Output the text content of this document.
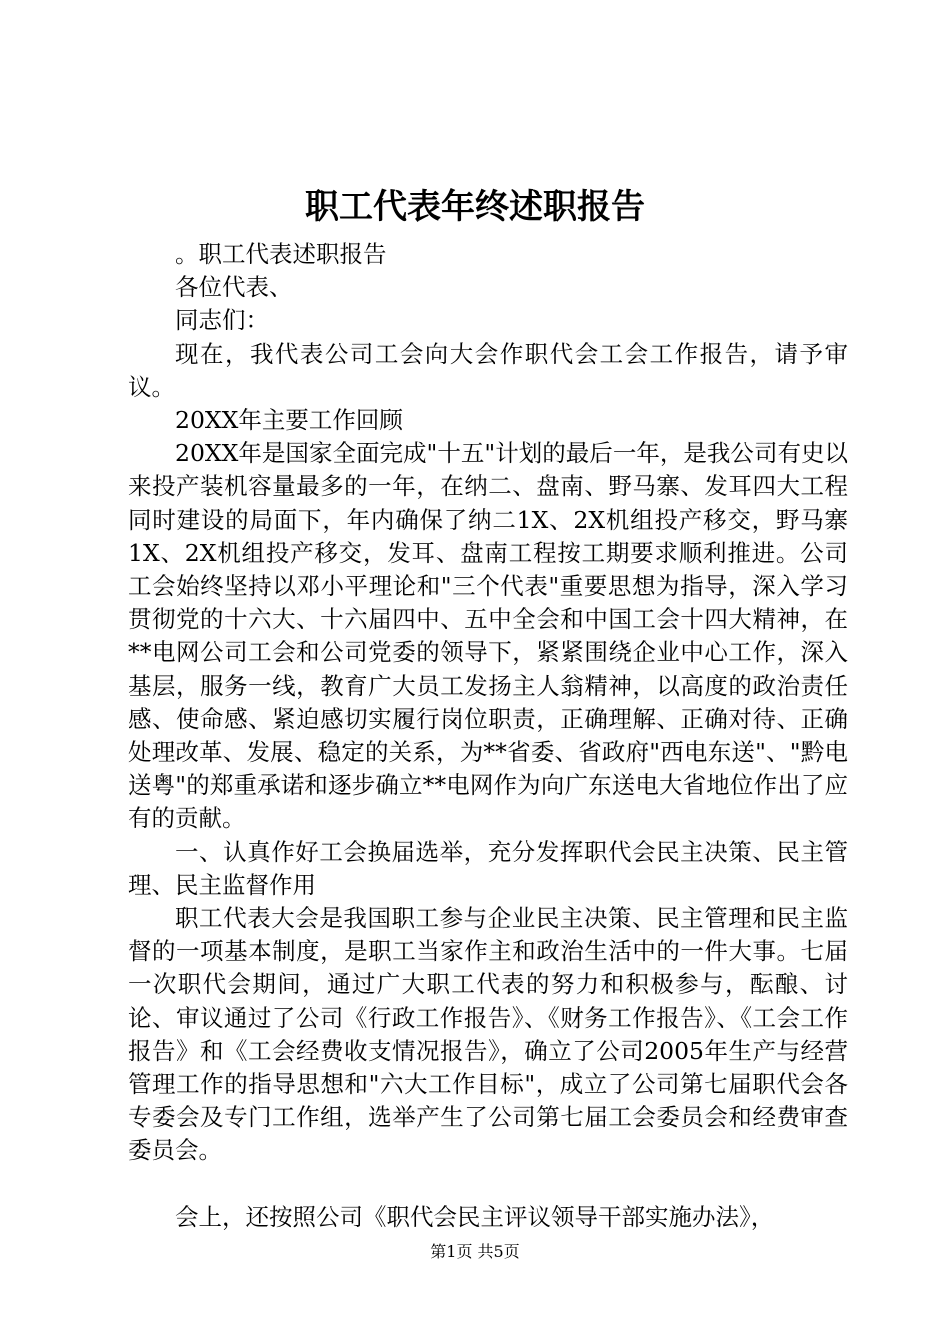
职工代表年终述职报告

。职工代表述职报告

各位代表、

同志们：

现在，我代表公司工会向大会作职代会工会工作报告，请予审议。

20XX年主要工作回顾

20XX年是国家全面完成"十五"计划的最后一年，是我公司有史以来投产装机容量最多的一年，在纳二、盘南、野马寨、发耳四大工程同时建设的局面下，年内确保了纳二1X、2X机组投产移交，野马寨1X、2X机组投产移交，发耳、盘南工程按工期要求顺利推进。公司工会始终坚持以邓小平理论和"三个代表"重要思想为指导，深入学习贯彻党的十六大、十六届四中、五中全会和中国工会十四大精神，在**电网公司工会和公司党委的领导下，紧紧围绕企业中心工作，深入基层，服务一线，教育广大员工发扬主人翁精神，以高度的政治责任感、使命感、紧迫感切实履行岗位职责，正确理解、正确对待、正确处理改革、发展、稳定的关系，为**省委、省政府"西电东送"、"黔电送粤"的郑重承诺和逐步确立**电网作为向广东送电大省地位作出了应有的贡献。

一、认真作好工会换届选举，充分发挥职代会民主决策、民主管理、民主监督作用

职工代表大会是我国职工参与企业民主决策、民主管理和民主监督的一项基本制度，是职工当家作主和政治生活中的一件大事。七届一次职代会期间，通过广大职工代表的努力和积极参与，酝酿、讨论、审议通过了公司《行政工作报告》、《财务工作报告》、《工会工作报告》和《工会经费收支情况报告》，确立了公司2005年生产与经营管理工作的指导思想和"六大工作目标"，成立了公司第七届职代会各专委会及专门工作组，选举产生了公司第七届工会委员会和经费审查委员会。

会上，还按照公司《职代会民主评议领导干部实施办法》，

第1页 共5页
